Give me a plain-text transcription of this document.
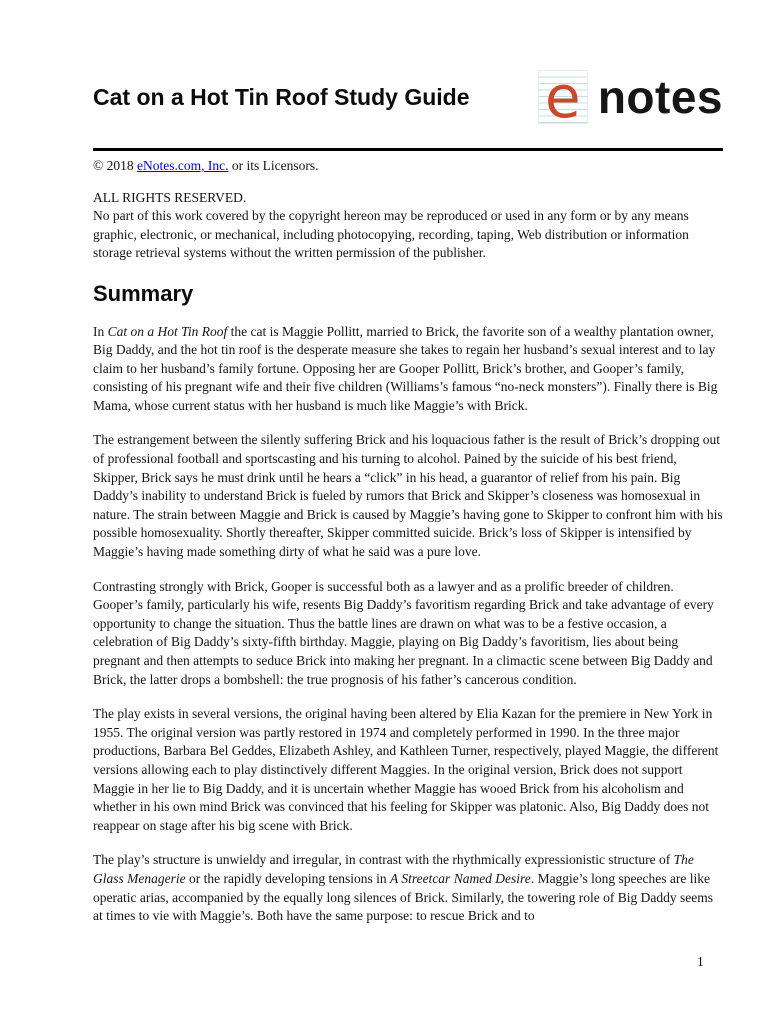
Cat on a Hot Tin Roof Study Guide e notes

© 2018 eNotes.com, Inc. or its Licensors.

ALL RIGHTS RESERVED.
No part of this work covered by the copyright hereon may be reproduced or used in any form or by any means graphic, electronic, or mechanical, including photocopying, recording, taping, Web distribution or information storage retrieval systems without the written permission of the publisher.

Summary

In Cat on a Hot Tin Roof the cat is Maggie Pollitt, married to Brick, the favorite son of a wealthy plantation owner, Big Daddy, and the hot tin roof is the desperate measure she takes to regain her husband’s sexual interest and to lay claim to her husband’s family fortune. Opposing her are Gooper Pollitt, Brick’s brother, and Gooper’s family, consisting of his pregnant wife and their five children (Williams’s famous “no-neck monsters”). Finally there is Big Mama, whose current status with her husband is much like Maggie’s with Brick.

The estrangement between the silently suffering Brick and his loquacious father is the result of Brick’s dropping out of professional football and sportscasting and his turning to alcohol. Pained by the suicide of his best friend, Skipper, Brick says he must drink until he hears a “click” in his head, a guarantor of relief from his pain. Big Daddy’s inability to understand Brick is fueled by rumors that Brick and Skipper’s closeness was homosexual in nature. The strain between Maggie and Brick is caused by Maggie’s having gone to Skipper to confront him with his possible homosexuality. Shortly thereafter, Skipper committed suicide. Brick’s loss of Skipper is intensified by Maggie’s having made something dirty of what he said was a pure love.

Contrasting strongly with Brick, Gooper is successful both as a lawyer and as a prolific breeder of children. Gooper’s family, particularly his wife, resents Big Daddy’s favoritism regarding Brick and take advantage of every opportunity to change the situation. Thus the battle lines are drawn on what was to be a festive occasion, a celebration of Big Daddy’s sixty-fifth birthday. Maggie, playing on Big Daddy’s favoritism, lies about being pregnant and then attempts to seduce Brick into making her pregnant. In a climactic scene between Big Daddy and Brick, the latter drops a bombshell: the true prognosis of his father’s cancerous condition.

The play exists in several versions, the original having been altered by Elia Kazan for the premiere in New York in 1955. The original version was partly restored in 1974 and completely performed in 1990. In the three major productions, Barbara Bel Geddes, Elizabeth Ashley, and Kathleen Turner, respectively, played Maggie, the different versions allowing each to play distinctively different Maggies. In the original version, Brick does not support Maggie in her lie to Big Daddy, and it is uncertain whether Maggie has wooed Brick from his alcoholism and whether in his own mind Brick was convinced that his feeling for Skipper was platonic. Also, Big Daddy does not reappear on stage after his big scene with Brick.

The play’s structure is unwieldy and irregular, in contrast with the rhythmically expressionistic structure of The Glass Menagerie or the rapidly developing tensions in A Streetcar Named Desire. Maggie’s long speeches are like operatic arias, accompanied by the equally long silences of Brick. Similarly, the towering role of Big Daddy seems at times to vie with Maggie’s. Both have the same purpose: to rescue Brick and to

1
